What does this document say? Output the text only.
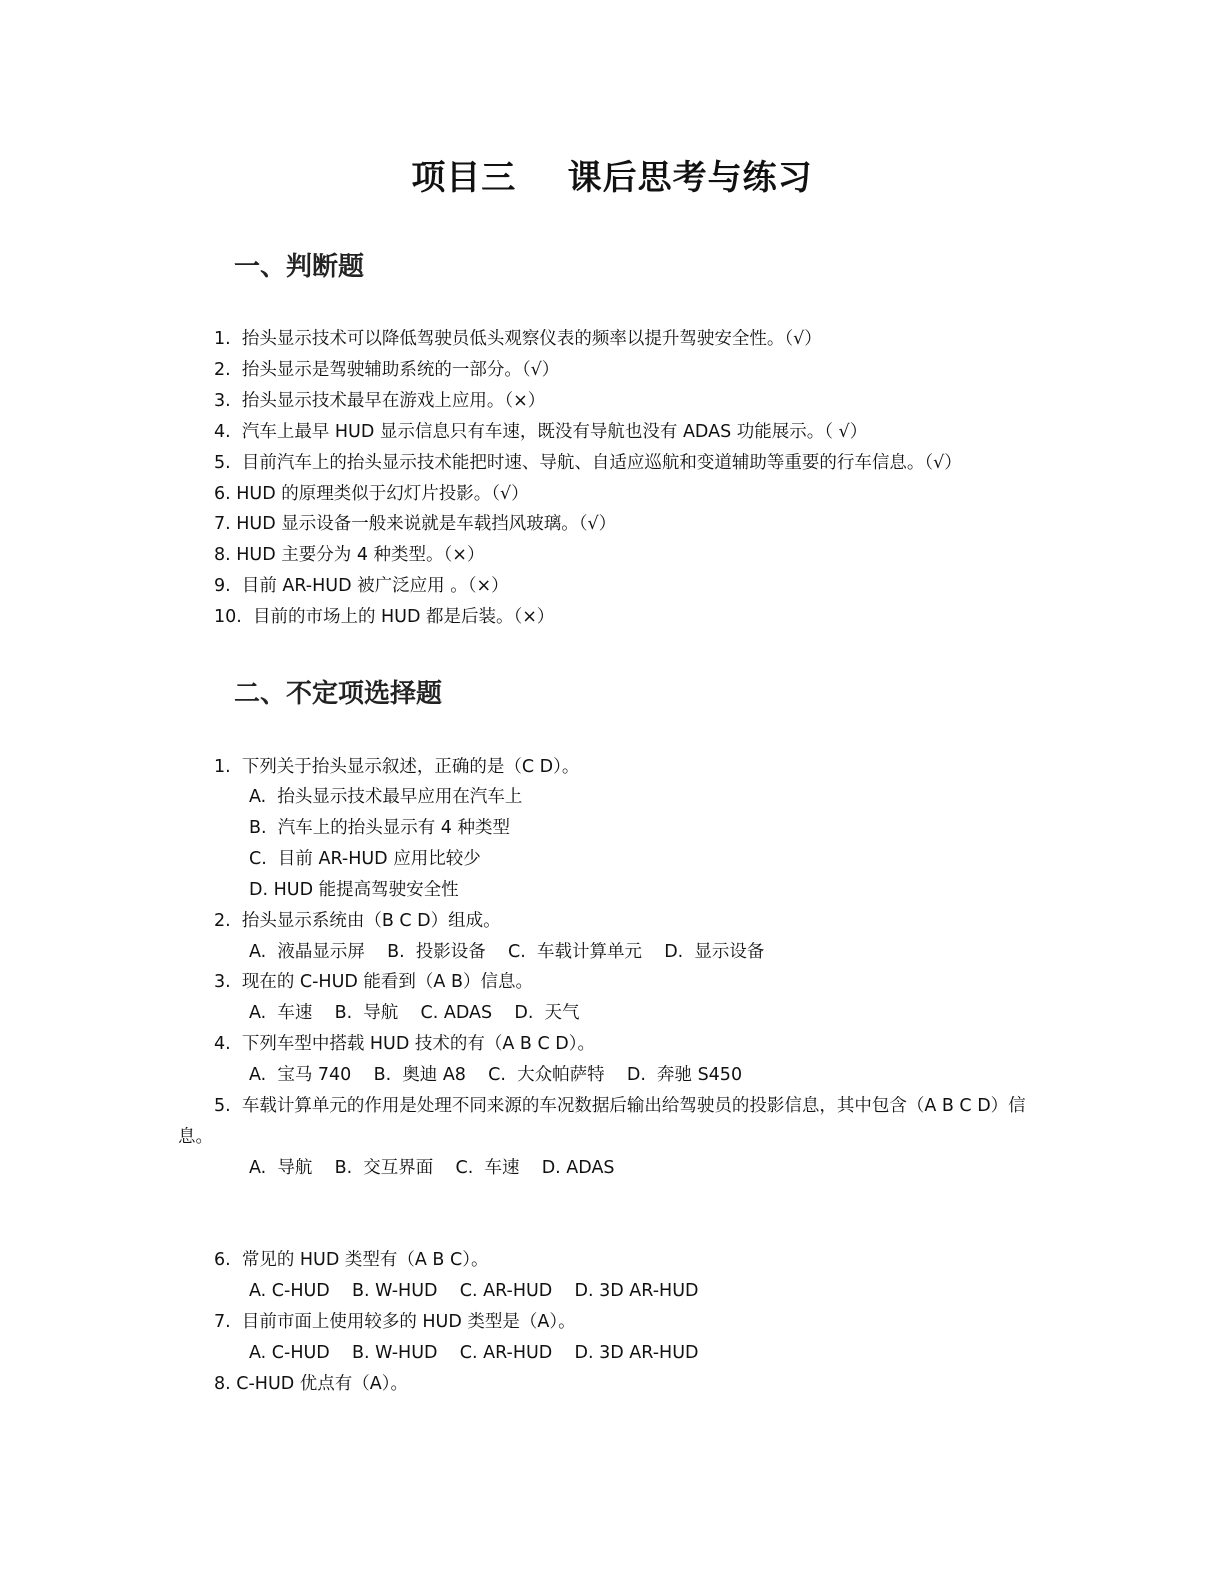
项目三    课后思考与练习
一、判断题
1.  抬头显示技术可以降低驾驶员低头观察仪表的频率以提升驾驶安全性。（√）
2.  抬头显示是驾驶辅助系统的一部分。（√）
3.  抬头显示技术最早在游戏上应用。（×）
4.  汽车上最早 HUD 显示信息只有车速，既没有导航也没有 ADAS 功能展示。（ √）
5.  目前汽车上的抬头显示技术能把时速、导航、自适应巡航和变道辅助等重要的行车信息。（√）
6. HUD 的原理类似于幻灯片投影。（√）
7. HUD 显示设备一般来说就是车载挡风玻璃。（√）
8. HUD 主要分为 4 种类型。（×）
9.  目前 AR-HUD 被广泛应用 。（×）
10.  目前的市场上的 HUD 都是后装。（×）
二、不定项选择题
1.  下列关于抬头显示叙述，正确的是（C D）。
A.  抬头显示技术最早应用在汽车上
B.  汽车上的抬头显示有 4 种类型
C.  目前 AR-HUD 应用比较少
D. HUD 能提高驾驶安全性
2.  抬头显示系统由（B C D）组成。
A.  液晶显示屏    B.  投影设备    C.  车载计算单元    D.  显示设备
3.  现在的 C-HUD 能看到（A B）信息。
A.  车速    B.  导航    C. ADAS    D.  天气
4.  下列车型中搭载 HUD 技术的有（A B C D）。
A.  宝马 740    B.  奥迪 A8    C.  大众帕萨特    D.  奔驰 S450
5.  车载计算单元的作用是处理不同来源的车况数据后输出给驾驶员的投影信息，其中包含（A B C D）信
息。
A.  导航    B.  交互界面    C.  车速    D. ADAS
6.  常见的 HUD 类型有（A B C）。
A. C-HUD    B. W-HUD    C. AR-HUD    D. 3D AR-HUD
7.  目前市面上使用较多的 HUD 类型是（A）。
A. C-HUD    B. W-HUD    C. AR-HUD    D. 3D AR-HUD
8. C-HUD 优点有（A）。
